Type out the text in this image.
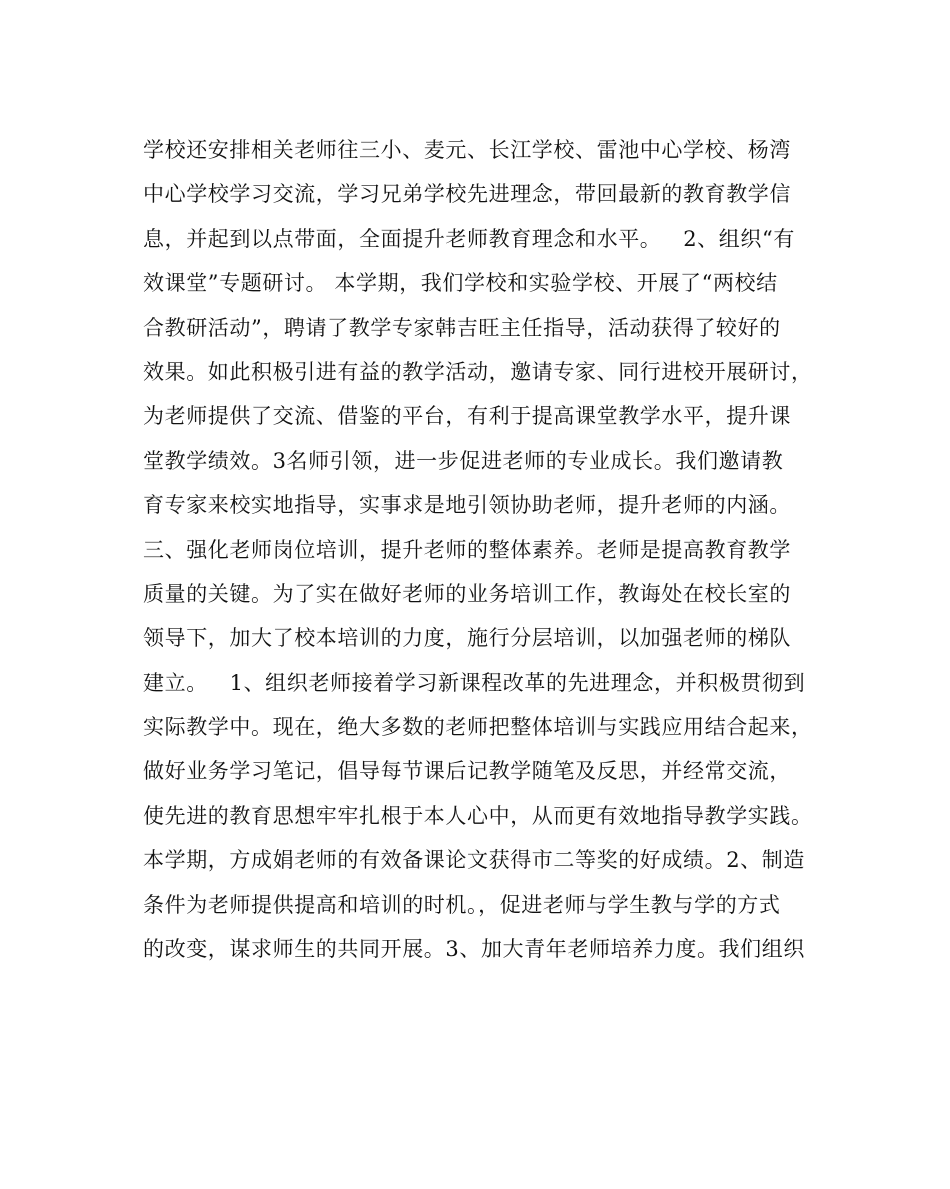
学校还安排相关老师往三小、麦元、长江学校、雷池中心学校、杨湾
中心学校学习交流，学习兄弟学校先进理念，带回最新的教育教学信
息，并起到以点带面，全面提升老师教育理念和水平。   2、组织“有
效课堂”专题研讨。 本学期，我们学校和实验学校、开展了“两校结
合教研活动”，聘请了教学专家韩吉旺主任指导，活动获得了较好的
效果。如此积极引进有益的教学活动，邀请专家、同行进校开展研讨，
为老师提供了交流、借鉴的平台，有利于提高课堂教学水平，提升课
堂教学绩效。3名师引领，进一步促进老师的专业成长。我们邀请教
育专家来校实地指导，实事求是地引领协助老师，提升老师的内涵。
三、强化老师岗位培训，提升老师的整体素养。老师是提高教育教学
质量的关键。为了实在做好老师的业务培训工作，教诲处在校长室的
领导下，加大了校本培训的力度，施行分层培训，以加强老师的梯队
建立。   1、组织老师接着学习新课程改革的先进理念，并积极贯彻到
实际教学中。现在，绝大多数的老师把整体培训与实践应用结合起来，
做好业务学习笔记，倡导每节课后记教学随笔及反思，并经常交流，
使先进的教育思想牢牢扎根于本人心中，从而更有效地指导教学实践。
本学期，方成娟老师的有效备课论文获得市二等奖的好成绩。2、制造
条件为老师提供提高和培训的时机。，促进老师与学生教与学的方式
的改变，谋求师生的共同开展。3、加大青年老师培养力度。我们组织
